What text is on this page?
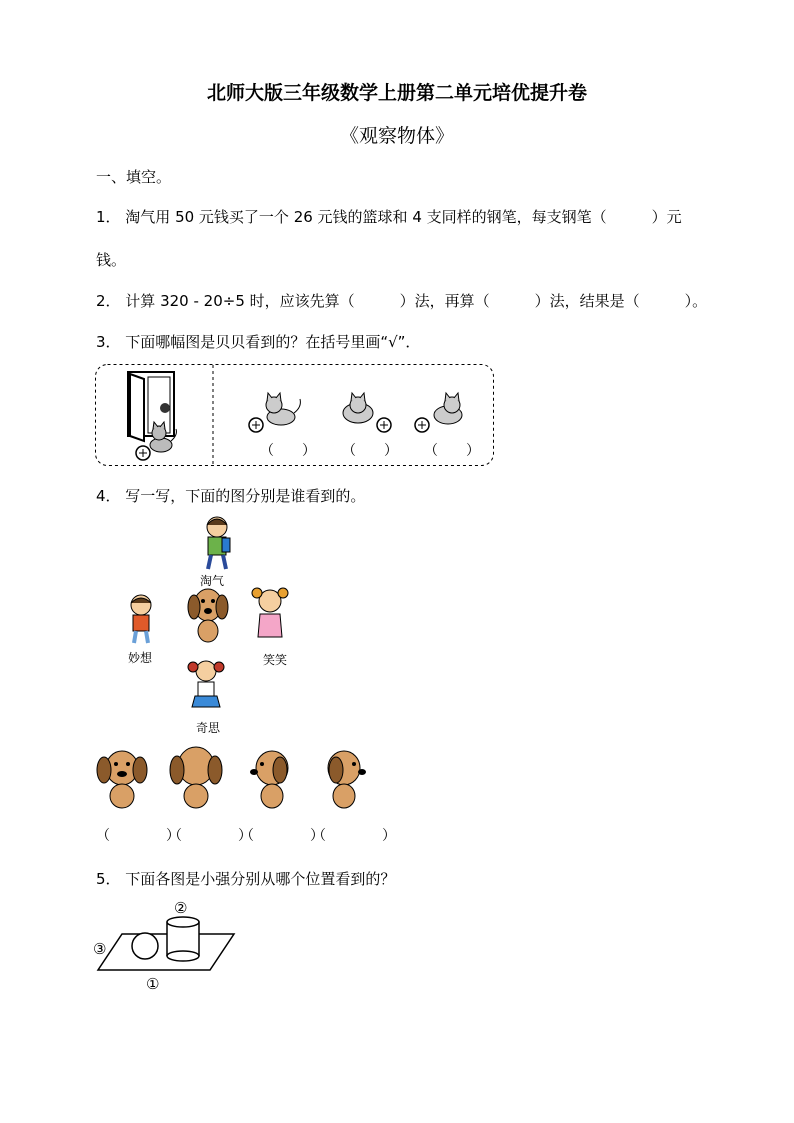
北师大版三年级数学上册第二单元培优提升卷
《观察物体》
一、填空。
1． 淘气用 50 元钱买了一个 26 元钱的篮球和 4 支同样的钢笔，每支钢笔（　　　）元
钱。
2． 计算 320 - 20÷5 时，应该先算（　　　）法，再算（　　　）法，结果是（　　　）。
3． 下面哪幅图是贝贝看到的？在括号里画“√”．
（　　） （　　） （　　）
4． 写一写，下面的图分别是谁看到的。
淘气
妙想	笑笑
奇思
（　　　　）
（　　　　）
（　　　　）
（　　　　）
5． 下面各图是小强分别从哪个位置看到的？
②
③
①
